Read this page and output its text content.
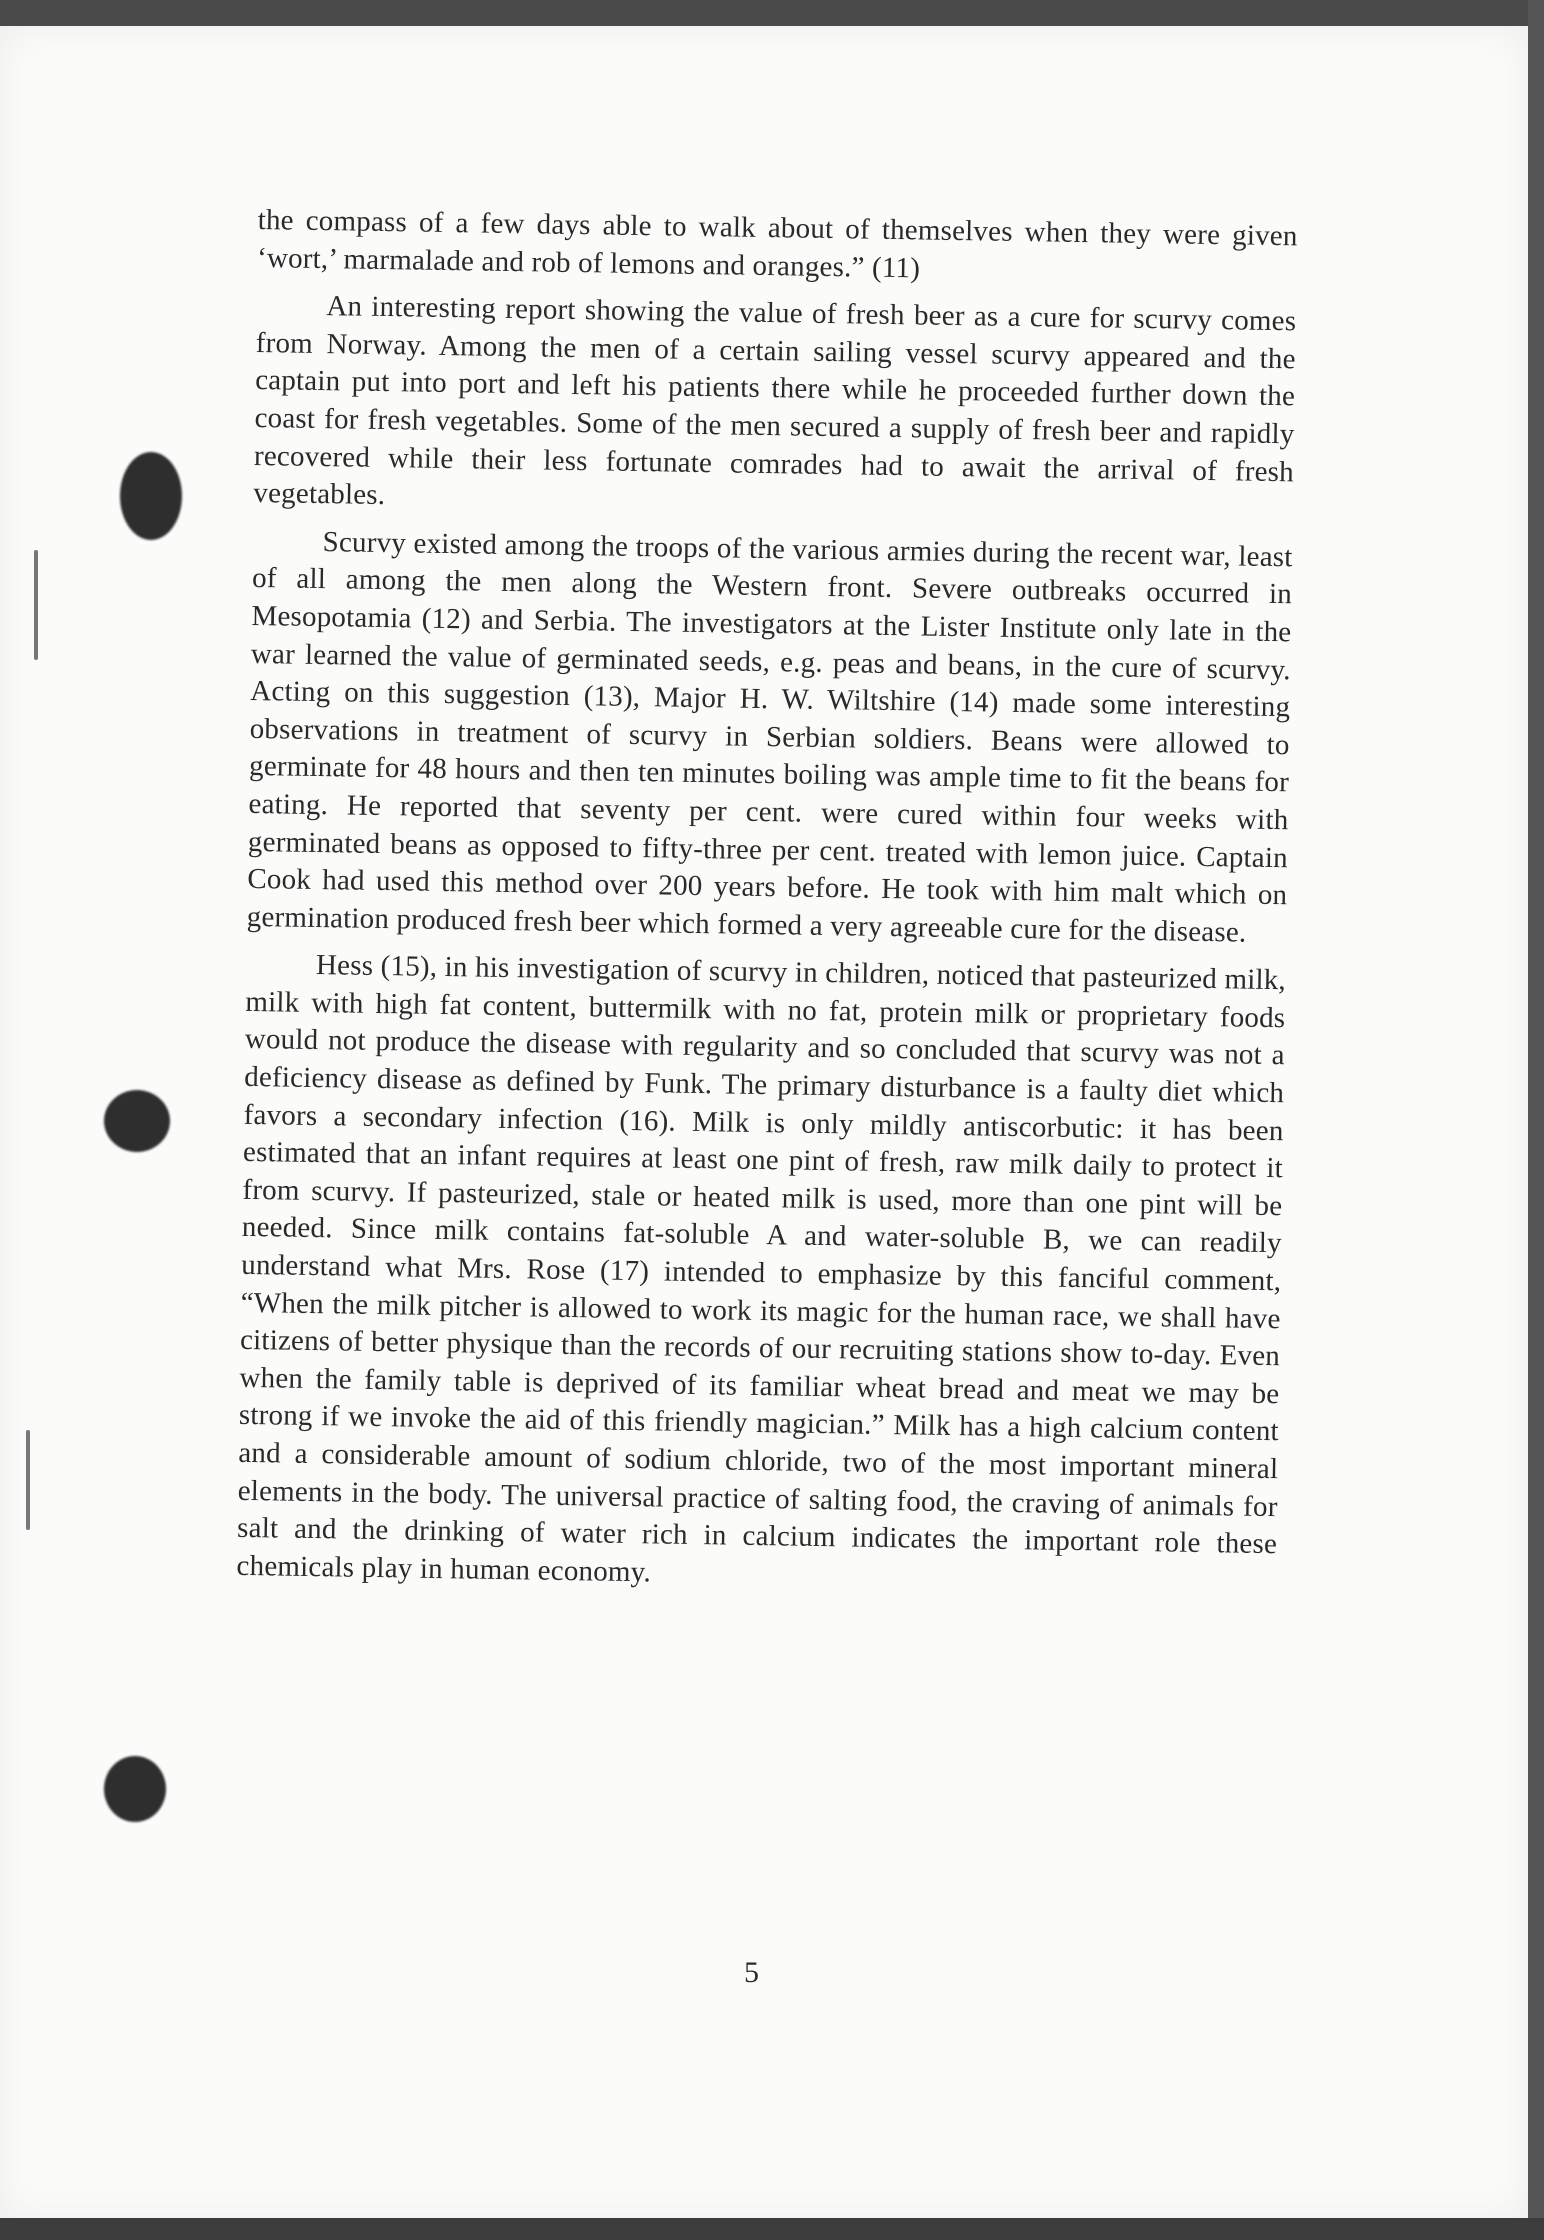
the compass of a few days able to walk about of themselves when they were given ‘wort,’ marmalade and rob of lemons and oranges.” (11)

An interesting report showing the value of fresh beer as a cure for scurvy comes from Norway. Among the men of a certain sailing vessel scurvy appeared and the captain put into port and left his patients there while he proceeded further down the coast for fresh vegetables. Some of the men secured a supply of fresh beer and rapidly recovered while their less fortunate comrades had to await the arrival of fresh vegetables.

Scurvy existed among the troops of the various armies during the recent war, least of all among the men along the Western front. Severe outbreaks occurred in Mesopotamia (12) and Serbia. The investigators at the Lister Institute only late in the war learned the value of germinated seeds, e.g. peas and beans, in the cure of scurvy. Acting on this suggestion (13), Major H. W. Wiltshire (14) made some interesting observations in treatment of scurvy in Serbian soldiers. Beans were allowed to germinate for 48 hours and then ten minutes boiling was ample time to fit the beans for eating. He reported that seventy per cent. were cured within four weeks with germinated beans as opposed to fifty-three per cent. treated with lemon juice. Captain Cook had used this method over 200 years before. He took with him malt which on germination produced fresh beer which formed a very agreeable cure for the disease.

Hess (15), in his investigation of scurvy in children, noticed that pasteurized milk, milk with high fat content, buttermilk with no fat, protein milk or proprietary foods would not produce the disease with regularity and so concluded that scurvy was not a deficiency disease as defined by Funk. The primary disturbance is a faulty diet which favors a secondary infection (16). Milk is only mildly antiscorbutic: it has been estimated that an infant requires at least one pint of fresh, raw milk daily to protect it from scurvy. If pasteurized, stale or heated milk is used, more than one pint will be needed. Since milk contains fat-soluble A and water-soluble B, we can readily understand what Mrs. Rose (17) intended to emphasize by this fanciful comment, “When the milk pitcher is allowed to work its magic for the human race, we shall have citizens of better physique than the records of our recruiting stations show to-day. Even when the family table is deprived of its familiar wheat bread and meat we may be strong if we invoke the aid of this friendly magician.” Milk has a high calcium content and a considerable amount of sodium chloride, two of the most important mineral elements in the body. The universal practice of salting food, the craving of animals for salt and the drinking of water rich in calcium indicates the important role these chemicals play in human economy.

5
